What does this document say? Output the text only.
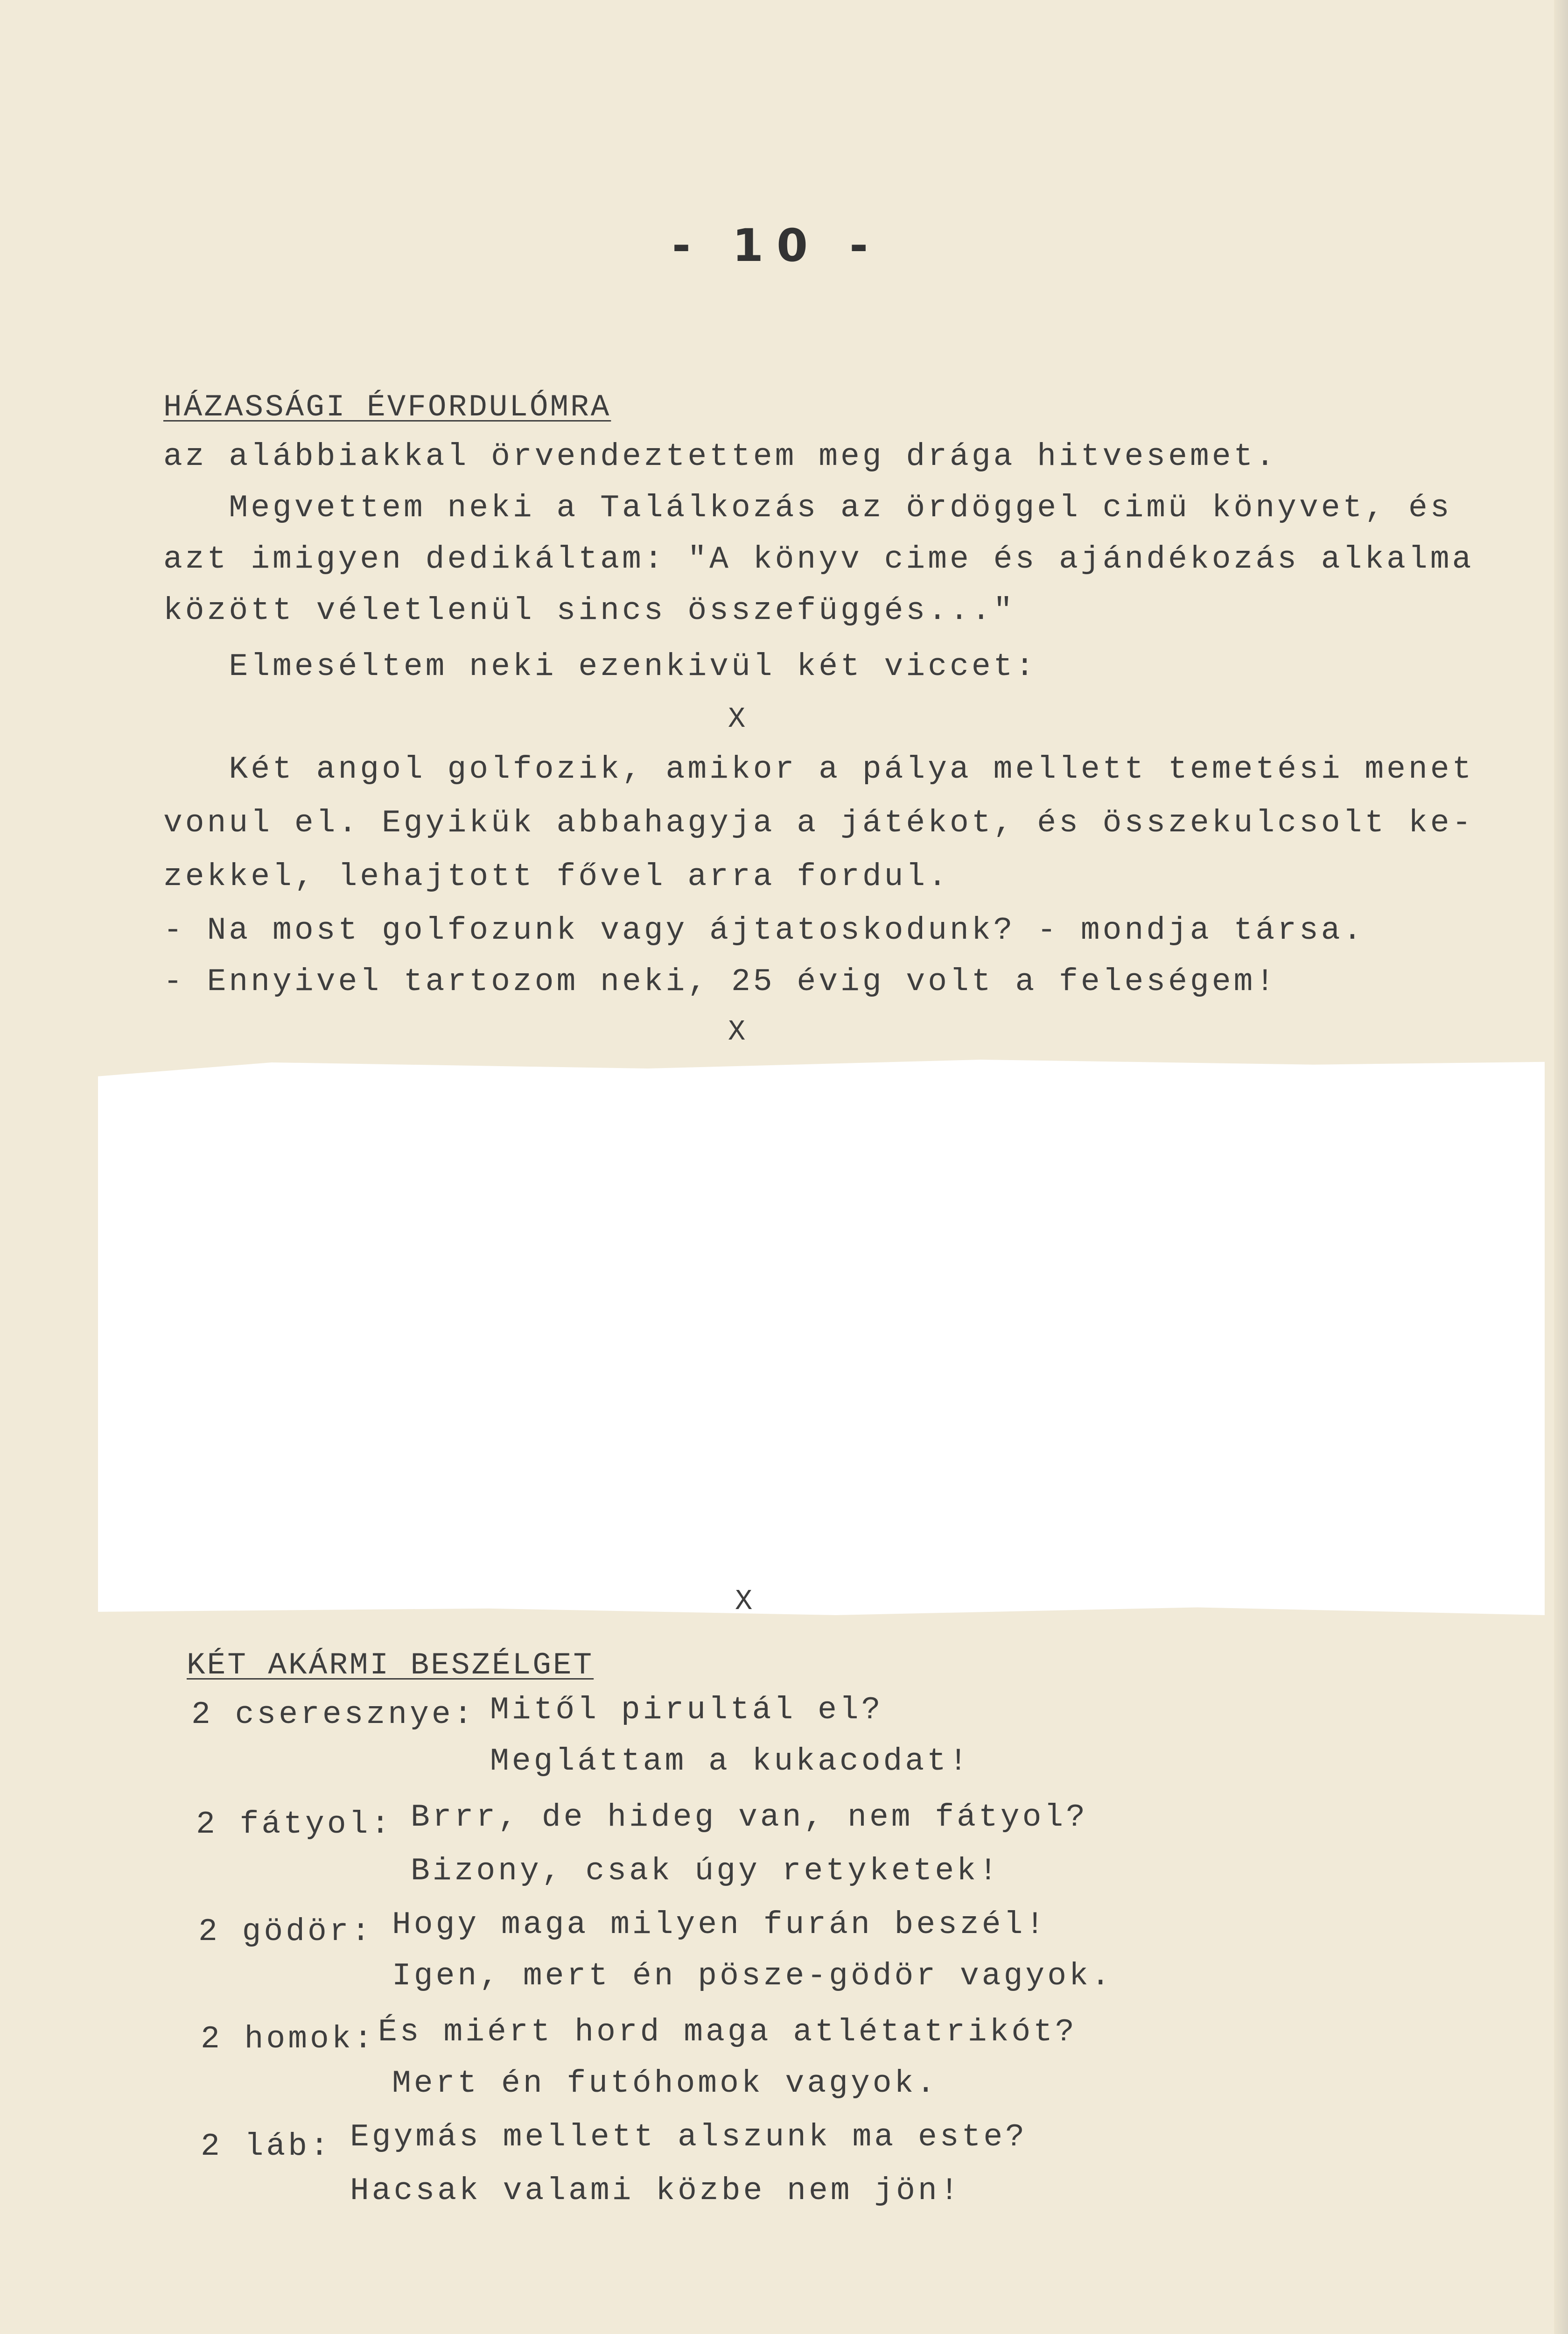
- 10 -
HÁZASSÁGI ÉVFORDULÓMRA
az alábbiakkal örvendeztettem meg drága hitvesemet.
Megvettem neki a Találkozás az ördöggel cimü könyvet, és
azt imigyen dedikáltam: "A könyv cime és ajándékozás alkalma
között véletlenül sincs összefüggés..."
Elmeséltem neki ezenkivül két viccet:
X
Két angol golfozik, amikor a pálya mellett temetési menet
vonul el. Egyikük abbahagyja a játékot, és összekulcsolt ke-
zekkel, lehajtott fővel arra fordul.
- Na most golfozunk vagy ájtatoskodunk? - mondja társa.
- Ennyivel tartozom neki, 25 évig volt a feleségem!
X
X
KÉT AKÁRMI BESZÉLGET
2 cseresznye: Mitől pirultál el?
Megláttam a kukacodat!
2 fátyol: Brrr, de hideg van, nem fátyol?
Bizony, csak úgy retyketek!
2 gödör: Hogy maga milyen furán beszél!
Igen, mert én pösze-gödör vagyok.
2 homok: És miért hord maga atlétatrikót?
Mert én futóhomok vagyok.
2 láb: Egymás mellett alszunk ma este?
Hacsak valami közbe nem jön!
